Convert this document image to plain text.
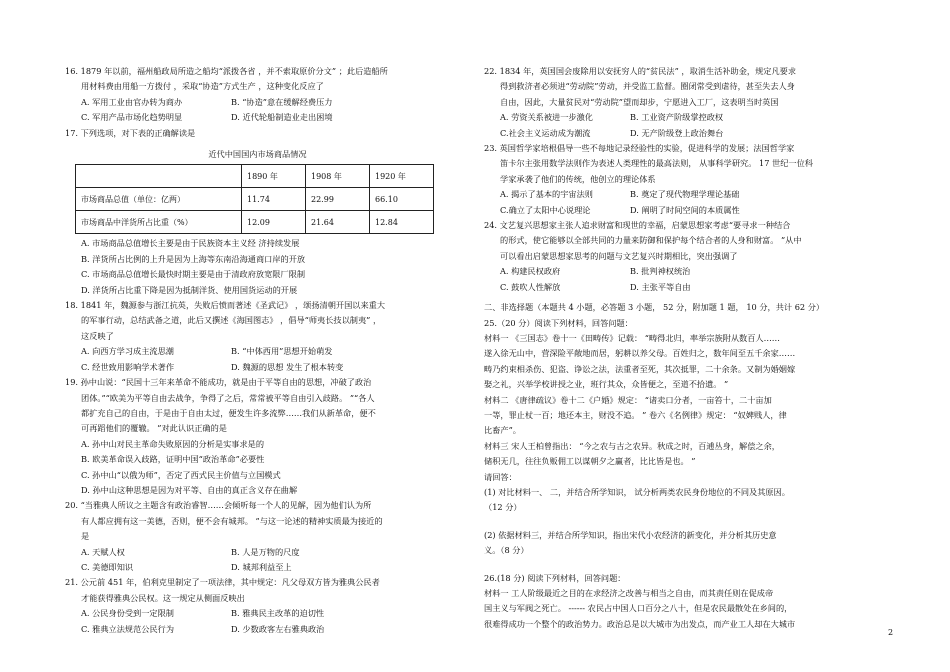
16. 1879 年以前，福州船政局所造之船均“派拨各省 ，并不索取原价分文” ；此后造船所
用材料费由用船一方拨付 ，采取“协造”方式生产 ，这种变化反应了
A. 军用工业由官办转为商办	B. “协造”意在缓解经费压力
C. 军用产品市场化趋势明显	D. 近代轮船制造业走出困境
17. 下列选项，对下表的正确解读是
近代中国国内市场商品情况
	1890 年	1908 年	1920 年
市场商品总值（单位：亿两）	11.74	22.99	66.10
市场商品中洋货所占比重（%）	12.09	21.64	12.84
A. 市场商品总值增长主要是由于民族资本主义经 济持续发展
B. 洋货所占比例的上升是因为上海等东南沿海通商口岸的开放
C. 市场商品总值增长最快时期主要是由于清政府放宽限厂限制
D. 洋货所占比重下降是因为抵制洋货、使用国货运动的开展
18. 1841 年，魏源参与浙江抗英，失败后愤而著述《圣武记》 ，颂扬清朝开国以来重大
的军事行动，总结武备之道，此后又撰述《海国图志》 ，倡导“师夷长技以制夷” ，
这反映了
A. 向西方学习成主流思潮	B. “中体西用”思想开始萌发
C. 经世致用影响学术著作	D. 魏源的思想 发生了根本转变
19. 孙中山说：“民国十三年来革命不能成功，就是由于平等自由的思想，冲破了政治
团体。”“欧美为平等自由去战争，争得了之后，常常被平等自由引入歧路。 ”“各人
都扩充自己的自由，于是由于自由太过，便发生许多流弊……我们从新革命，便不
可再蹈他们的覆辙。 ”对此认识正确的是
A. 孙中山对民主革命失败原因的分析是实事求是的
B. 欧美革命误入歧路，证明中国“政治革命”必要性
C. 孙中山“以俄为师”，否定了西式民主价值与立国模式
D. 孙中山这种思想是因为对平等、自由的真正含义存在曲解
20. “当雅典人所议之主题含有政治睿智……会倾听每一个人的见解，因为他们认为所
有人都应拥有这一美德，否则，便不会有城邦。 ”与这一论述的精神实质最为接近的
是
A. 天赋人权	B. 人是万物的尺度
C. 美德即知识	D. 城邦利益至上
21. 公元前 451 年，伯利克里制定了一项法律，其中规定：凡父母双方皆为雅典公民者
才能获得雅典公民权。这一规定从侧面反映出
A. 公民身份受到一定限制	B. 雅典民主改革的迫切性
C. 雅典立法规范公民行为	D. 少数政客左右雅典政治
22. 1834 年，英国国会废除用以安抚穷人的“贫民法” ，取消生活补助金，规定凡要求
得到救济者必须进“劳动院”劳动，并受监工监督。圈闭常受到虐待，甚至失去人身
自由，因此，大量贫民对“劳动院”望而却步，宁愿进入工厂，这表明当时英国
A. 劳资关系被进一步激化	B. 工业资产阶级掌控政权
C.社会主义运动成为潮流	D. 无产阶级登上政治舞台
23. 英国哲学家培根倡导一些不每地记录经验性的实验，促进科学的发展；法国哲学家
笛卡尔主张用数学法则作为表述人类理性的最高法则， 从事科学研究。 17 世纪一位科
学家承袭了他们的传统，他创立的理论体系
A. 揭示了基本的宇宙法则	B. 奠定了现代物理学理论基础
C.确立了太阳中心说理论	D. 阐明了时间空间的本质属性
24. 文艺复兴思想家主张人追求财富和现世的幸福，启蒙思想家考虑“要寻求一种结合
的形式，使它能够以全部共同的力量来防御和保护每个结合者的人身和财富。 ”从中
可以看出启蒙思想家思考的问题与文艺复兴时期相比，突出强调了
A. 构建民权政府	B. 批判神权统治
C. 鼓吹人性解放	D. 主张平等自由
二、非选择题（本题共 4 小题，必答题 3 小题， 52 分，附加题 1 题， 10 分，共计 62 分）
25.（20 分）阅读下列材料，回答问题：
材料一 《三国志》卷十一《田畴传》记载： “畴得北归，率举宗族附从数百人……
遂入徐无山中，营深险平敞地而居，躬耕以养父母。百姓归之，数年间至五千余家……
畴乃约束相杀伤、犯盗、诤讼之法，法重者至死，其次抵罪，二十余条。又制为婚姻嫁
娶之礼，兴举学校讲授之业，班行其众，众皆便之，至道不拾遗。 ”
材料二 《唐律疏议》卷十二《户婚》规定： “诸卖口分者，一亩笞十，二十亩加
一等，罪止杖一百；地还本主，财没不追。 ” 卷六《名例律》规定： “奴婢贱人，律
比畜产”。
材料三 宋人王柏曾指出： “今之农与古之农异。秋成之时，百逋丛身，解偿之余，
储积无几，往往负贩佣工以谋朝夕之赢者，比比皆是也。 ”
请回答：
(1) 对比材料一、 二，并结合所学知识， 试分析两类农民身份地位的不同及其原因。
（12 分）
(2) 依据材料三，并结合所学知识，指出宋代小农经济的新变化，并分析其历史意
义。（8 分）
26.(18 分) 阅读下列材料，回答问题：
材料一 工人阶级最近之目的在求经济之改善与相当之自由，而其责任则在促成帝
国主义与军阀之死亡。 ------ 农民占中国人口百分之八十，但是农民最散处在乡间的，
很难得成功一个整个的政治势力。政治总是以大城市为出发点，而产业工人却在大城市
2
